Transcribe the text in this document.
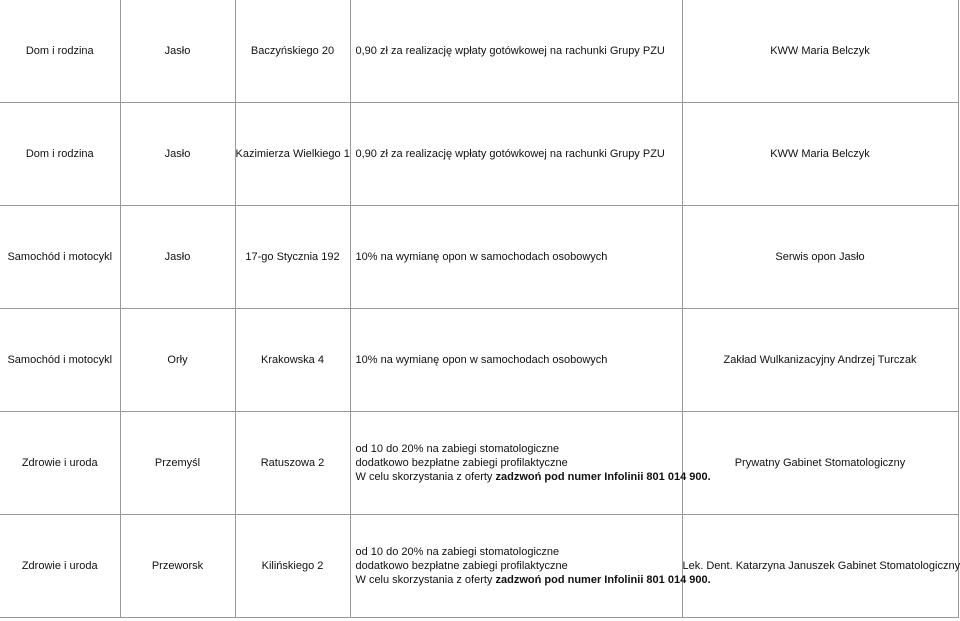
Dom i rodzina	Jasło	Baczyńskiego 20	0,90 zł za realizację wpłaty gotówkowej na rachunki Grupy PZU	KWW Maria Belczyk
Dom i rodzina	Jasło	Kazimierza Wielkiego 1	0,90 zł za realizację wpłaty gotówkowej na rachunki Grupy PZU	KWW Maria Belczyk
Samochód i motocykl	Jasło	17-go Stycznia 192	10% na wymianę opon w samochodach osobowych	Serwis opon Jasło
Samochód i motocykl	Orły	Krakowska 4	10% na wymianę opon w samochodach osobowych	Zakład Wulkanizacyjny Andrzej Turczak
Zdrowie i uroda	Przemyśl	Ratuszowa 2	od 10 do 20% na zabiegi stomatologiczne
dodatkowo bezpłatne zabiegi profilaktyczne
W celu skorzystania z oferty zadzwoń pod numer Infolinii 801 014 900.	Prywatny Gabinet Stomatologiczny
Zdrowie i uroda	Przeworsk	Kilińskiego 2	od 10 do 20% na zabiegi stomatologiczne
dodatkowo bezpłatne zabiegi profilaktyczne
W celu skorzystania z oferty zadzwoń pod numer Infolinii 801 014 900.	Lek. Dent. Katarzyna Januszek Gabinet Stomatologiczny
